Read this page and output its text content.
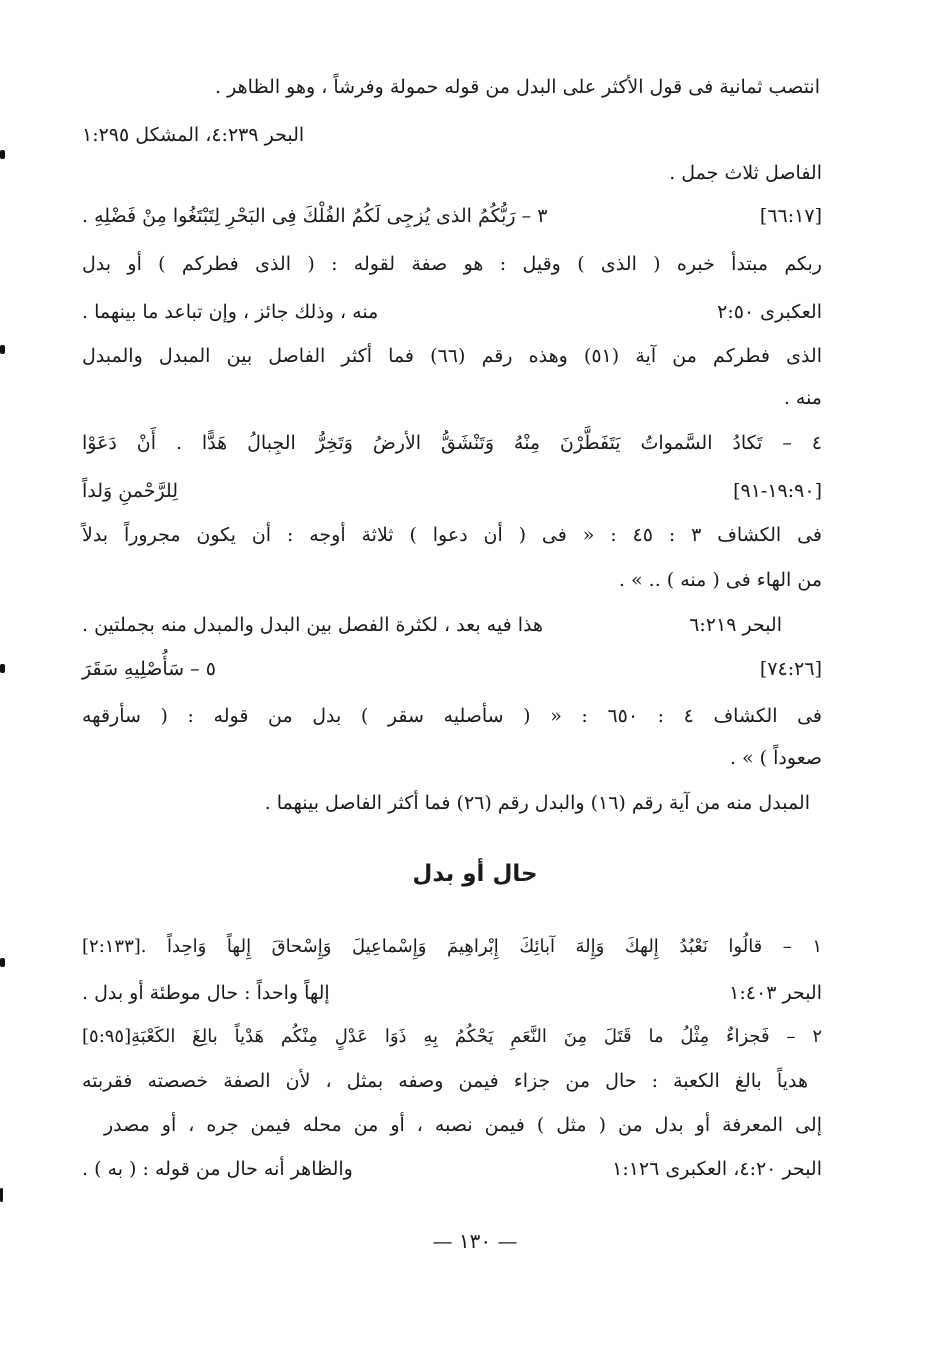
انتصب ثمانية فى قول الأكثر على البدل من قوله حمولة وفرشاً ، وهو الظاهر .
البحر ٤:٢٣٩، المشكل ١:٢٩٥
الفاصل ثلاث جمل .
٣ – رَبُّكُمُ الذى يُزجِى لَكُمُ الفُلْكَ فِى البَحْرِ لِتَبْتَغُوا مِنْ فَضْلِهِ .	[٦٦:١٧]
ربكم مبتدأ خبره ( الذى ) وقيل : هو صفة لقوله : ( الذى فطركم ) أو بدل
منه ، وذلك جائز ، وإن تباعد ما بينهما .	العكبرى ٢:٥٠
الذى فطركم من آية (٥١) وهذه رقم (٦٦) فما أكثر الفاصل بين المبدل والمبدل
منه .
٤ – تَكادُ السَّمواتُ يَتَفَطَّرْنَ مِنْهُ وَتَنْشَقُّ الأرضُ وَتَخِرُّ الجِبالُ هَدًّا . أَنْ دَعَوْا
لِلرَّحْمنِ وَلداً	[١٩:٩٠-٩١]
فى الكشاف ٣ : ٤٥ : « فى ( أن دعوا ) ثلاثة أوجه : أن يكون مجروراً بدلاً
من الهاء فى ( منه ) .. » .
هذا فيه بعد ، لكثرة الفصل بين البدل والمبدل منه بجملتين .	البحر ٦:٢١٩
٥ – سَأُصْلِيهِ سَقَرَ	[٧٤:٢٦]
فى الكشاف ٤ : ٦٥٠ : « ( سأصليه سقر ) بدل من قوله : ( سأرقهه
صعوداً ) » .
المبدل منه من آية رقم (١٦) والبدل رقم (٢٦) فما أكثر الفاصل بينهما .
حال أو بدل
١ – قالُوا نَعْبُدُ إِلهكَ وَإِلهَ آبائِكَ إِبْراهِيمَ وَإِسْماعِيلَ وَإِسْحاقَ إِلهاً وَاحِداً .[٢:١٣٣]
إلهاً واحداً : حال موطئة أو بدل .	البحر ١:٤٠٣
٢ – فَجزاءٌ مِثْلُ ما قَتَلَ مِنَ النَّعَمِ يَحْكُمُ بِهِ ذَوَا عَدْلٍ مِنْكُم هَدْياً بالِغَ الكَعْبَةِ[٥:٩٥]
هدياً بالغ الكعبة : حال من جزاء فيمن وصفه بمثل ، لأن الصفة خصصته فقربته
إلى المعرفة أو بدل من ( مثل ) فيمن نصبه ، أو من محله فيمن جره ، أو مصدر
والظاهر أنه حال من قوله : ( به ) .	البحر ٤:٢٠، العكبرى ١:١٢٦
— ١٣٠ —
